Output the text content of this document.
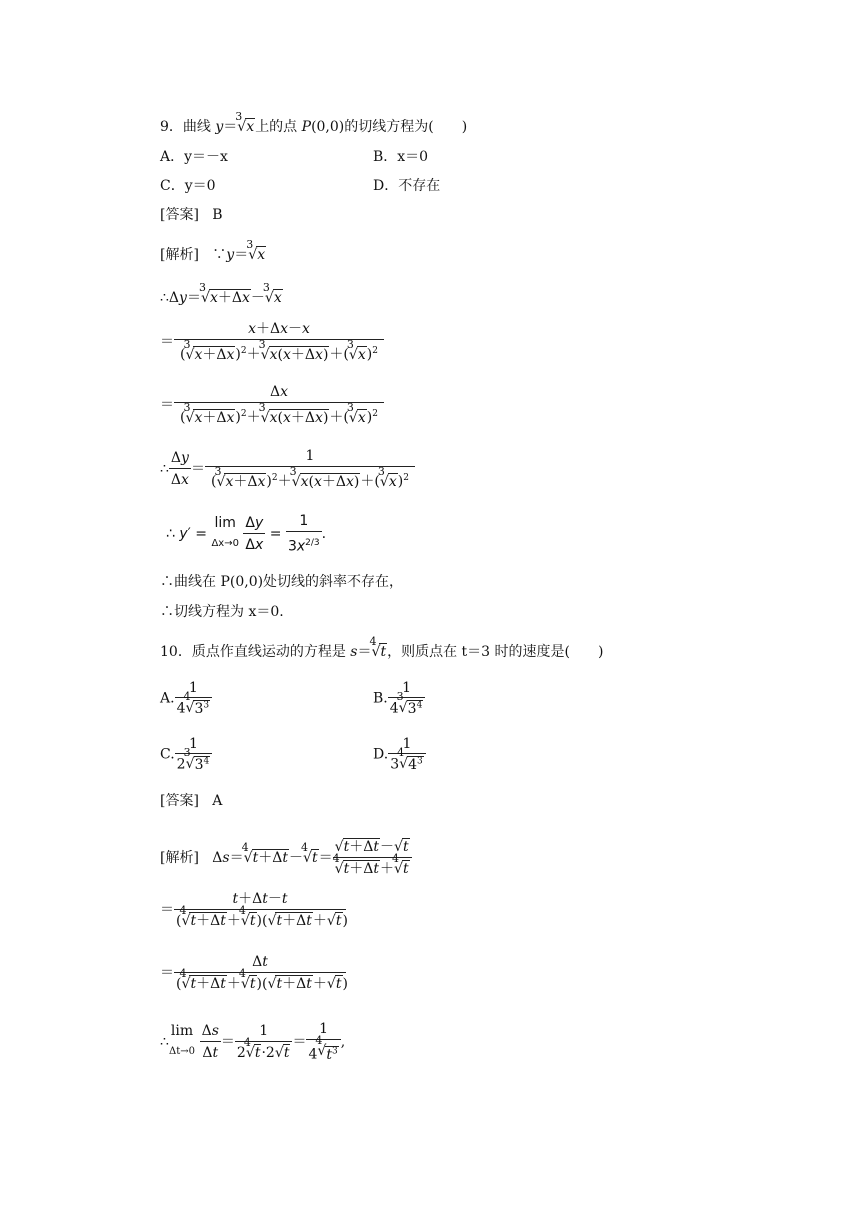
9．曲线 y＝
3
√ x上的点 P(0,0)的切线方程为(　　)
A．y＝－x	B．x＝0
C．y＝0	D．不存在
[答案] B
[解析] ∵y＝
3
√ x
∴Δy＝
3
√ x＋Δx－
3
√ x
＝ x＋Δx－x
(
3
√ x＋Δx)$^2$＋
3
√ x(x＋Δx)＋(
3
√ x)$^2$
＝ Δx
(
3
√ x＋Δx)$^2$＋
3
√ x(x＋Δx)＋(
3
√ x)$^2$
∴ $\frac{\Delta y}{\Delta x} = 1$
(
3
√ x＋Δx)$^2$＋
3
√ x(x＋Δx)＋(
3
√ x)$^2$
∴ y′ =
lim
$\Delta x\to 0 \frac{\Delta y}{\Delta x} = \frac{1}{3x^{2/3}}$ .
∴曲线在 P(0,0)处切线的斜率不存在，
∴切线方程为 x＝0.
10．质点作直线运动的方程是 s＝
4
√ t，则质点在 t＝3 时的速度是(　　)
A. 1
4
4
√ $3^3$	B. 1
4
3
√ $3^4$
C. 1
2
3
√ $3^4$	D. 1
3
4
√ $4^3$
[答案] A
[解析]   Δs＝
4
√ t＋Δt－
4
√ t＝ √ t＋Δt－ √ t
4
√ t＋Δt＋
4
√ t
＝ t＋Δt－t
(
4
√ t＋Δt＋
4
√ t)( √ t＋Δt＋ √ t)
＝ Δt
(
4
√ t＋Δt＋
4
√ t)( √ t＋Δt＋ √ t)
∴
lim
$\Delta t\to 0 \frac{\Delta s}{\Delta t} = 1$
2
4
√ t·2 √ t ＝ 1
4
4
√ $t^3$ ,
